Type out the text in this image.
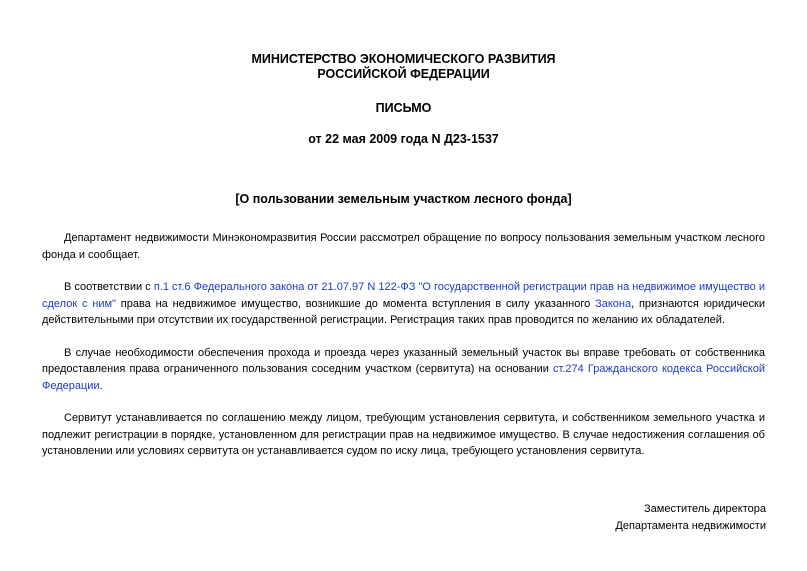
МИНИСТЕРСТВО ЭКОНОМИЧЕСКОГО РАЗВИТИЯ

РОССИЙСКОЙ ФЕДЕРАЦИИ

ПИСЬМО

от 22 мая 2009 года N Д23-1537

[О пользовании земельным участком лесного фонда]

Департамент недвижимости Минэкономразвития России рассмотрел обращение по вопросу пользования земельным участком лесного фонда и сообщает.

В соответствии с п.1 ст.6 Федерального закона от 21.07.97 N 122-ФЗ "О государственной регистрации прав на недвижимое имущество и сделок с ним" права на недвижимое имущество, возникшие до момента вступления в силу указанного Закона, признаются юридически действительными при отсутствии их государственной регистрации. Регистрация таких прав проводится по желанию их обладателей.

В случае необходимости обеспечения прохода и проезда через указанный земельный участок вы вправе требовать от собственника предоставления права ограниченного пользования соседним участком (сервитута) на основании ст.274 Гражданского кодекса Российской Федерации.

Сервитут устанавливается по соглашению между лицом, требующим установления сервитута, и собственником земельного участка и подлежит регистрации в порядке, установленном для регистрации прав на недвижимое имущество. В случае недостижения соглашения об установлении или условиях сервитута он устанавливается судом по иску лица, требующего установления сервитута.

Заместитель директора
Департамента недвижимости
